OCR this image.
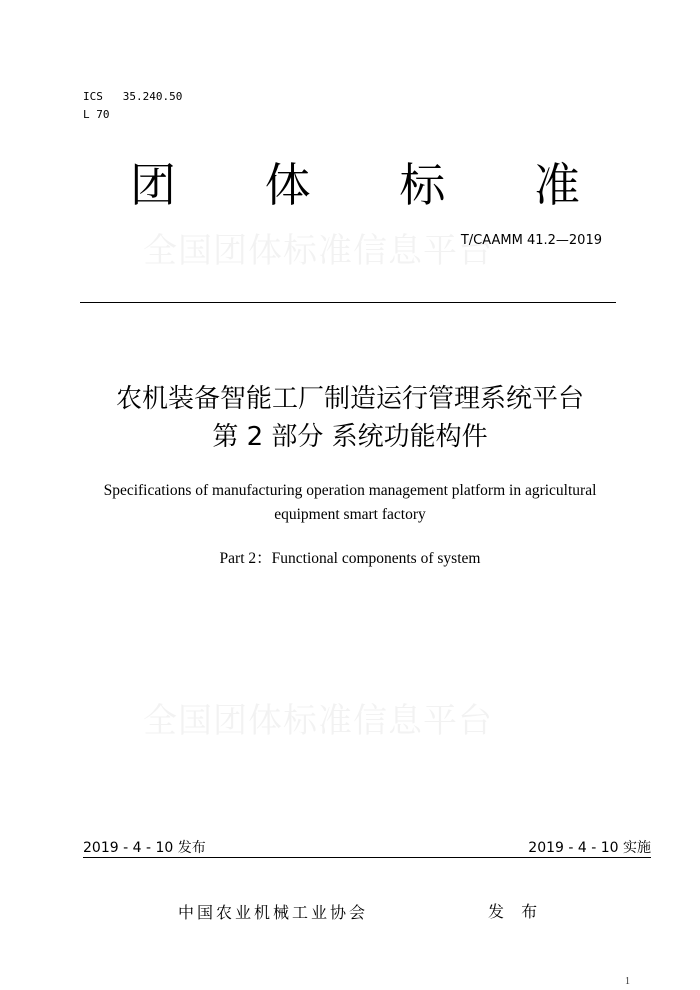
ICS   35.240.50
L 70
团 体 标 准
全国团体标准信息平台
T/CAAMM 41.2—2019
农机装备智能工厂制造运行管理系统平台
第 2 部分 系统功能构件
Specifications of manufacturing operation management platform in agricultural
equipment smart factory
Part 2：Functional components of system
全国团体标准信息平台
2019 - 4 - 10 发布	2019 - 4 - 10 实施
中国农业机械工业协会	发 布
1
